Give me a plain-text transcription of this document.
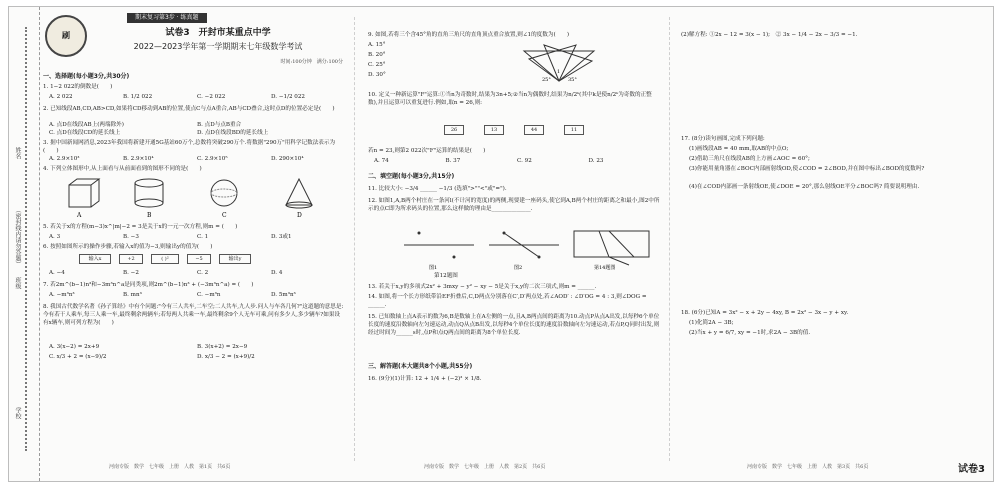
姓名
（密封线内请勿答题）
班级
学校
刷
期末复习第3步 · 练真题
试卷3　开封市某重点中学
2022—2023学年第一学期期末七年级数学考试
时间:100分钟　满分:100分
一、选择题(每小题3分,共30分)
1. 1−2 022的倒数是(　　)
A. 2 022	B. 1/2 022	C. −2 022	D. −1/2 022
2. 已知线段AB,CD,AB>CD,如果将CD移动到AB的位置,使点C与点A重合,AB与CD叠合,这时点D的位置必定是(　　)
A. 点D在线段AB上(两端除外)	B. 点D与点B重合
C. 点D在线段CD的延长线上	D. 点D在线段BD的延长线上
3. 据中国新闻网消息,2023年我国将新建开通5G基站60万个,总数将突破290万个.将数据"290万"用科学记数法表示为(　　)
A. 2.9×10³	B. 2.9×10⁴	C. 2.9×10⁵	D. 290×10⁴
4. 下列立体图形中,从上面看与从前面看到的图形不同的是(　　)
A	B	C	D
5. 若关于x的方程(m−3)x^|m|−2 = 3是关于x的一元一次方程,则m = (　　)
A. 3	B. −3	C. 1	D. 3或1
6. 按照如图所示的操作步骤,若输入x的值为−3,则输出y的值为(　　)
输入x	+2	( )²	−5	输出y
A. −4	B. −2	C. 2	D. 4
7. 若2m^(b−1)n³和−3m³n^a是同类项,则2m^(b−1)n³ + (−3m³n^a) = (　　)
A. −m³n³	B. mn³	C. −m³n	D. 5m³n³
8. 我国古代数学名著《孙子算经》中有个问题:"今有三人共车,二车空;二人共车,九人步.问人与车各几何?"这道题的意思是:今有若干人乘车,每三人乘一车,最终剩余两辆车;若每两人共乘一车,最终剩余9个人无车可乘,问有多少人,多少辆车?如果设有x辆车,则可列方程为(　　)
A. 3(x−2) = 2x+9	B. 3(x+2) = 2x−9
C. x/3 + 2 = (x−9)/2	D. x/3 − 2 = (x+9)/2
河南专版　数学　七年级　上册　人教　第1页　共6页
9. 如图,若将三个含45°角的直角三角尺的直角顶点重合放置,则∠1的度数为(　　)
A. 15°
B. 20°
C. 25°
D. 30°
25°
1
35°
10. 定义一种新运算"F"运算:①当n为奇数时,结果为3n+5;②当n为偶数时,结果为n/2ᵏ(其中k是使n/2ᵏ为奇数的正整数),并且运算可以重复进行.例如,取n = 26,则:
26	13	44	11
若n = 23,则第2 022次"F"运算的结果是(　　)
A. 74	B. 37	C. 92	D. 23
二、填空题(每小题3分,共15分)
11. 比较大小: −3/4 ______ −1/3 (选填">""<"或"=").
12. 如图1,A,B两个村庄在一条河l(不计河的宽度)的两侧,现要建一座码头,使它到A,B两个村庄的距离之和最小,图2中所示的点C即为所求码头的位置,那么这样做的理由是______________.
图1	图2	第14题图
第12题图
13. 若关于x,y的多项式2x² + 3mxy − y² − xy − 5是关于x,y的二次三项式,则m = ______.
14. 如图,将一个长方形纸带沿EF折叠后,C,D两点分别落在C′,D′两点处,若∠AOD′ : ∠D′OG = 4 : 3,则∠DOG = ______.
15. 已知数轴上点A表示的数为6,B是数轴上在A左侧的一点,且A,B两点间的距离为10.动点P从点A出发,以每秒6个单位长度的速度沿数轴向左匀速运动,动点Q从点B出发,以每秒4个单位长度的速度沿数轴向左匀速运动,若点P,Q同时出发,则经过时间为______s时,点P和点Q两点间的距离为8个单位长度.
三、解答题(本大题共8个小题,共55分)
16. (9分)(1)计算: 12 + 1/4 + (−2)³ × 1/8.
河南专版　数学　七年级　上册　人教　第2页　共6页
(2)解方程: ①2x − 12 = 3(x − 1);　② 3x − 1/4 − 2x − 3/3 = −1.
17. (8分)读句画图,完成下列问题:
(1)画线段AB = 40 mm,取AB的中点O;
(2)借助三角尺在线段AB的上方画∠AOC = 60°;
(3)你能用量角器在∠BOC内部画射线OD,使∠COD = 2∠BOD,并在图中标出∠BOD的度数吗?
(4)在∠COD内部画一条射线OE,使∠DOE = 20°,那么射线OE平分∠BOC吗? 简要说明理由.
18. (6分)已知A = 3x² − x + 2y − 4xy, B = 2x² − 3x − y + xy.
(1)化简2A − 3B;
(2)当x + y = 6/7, xy = −1时,求2A − 3B的值.
河南专版　数学　七年级　上册　人教　第3页　共6页	试卷3
